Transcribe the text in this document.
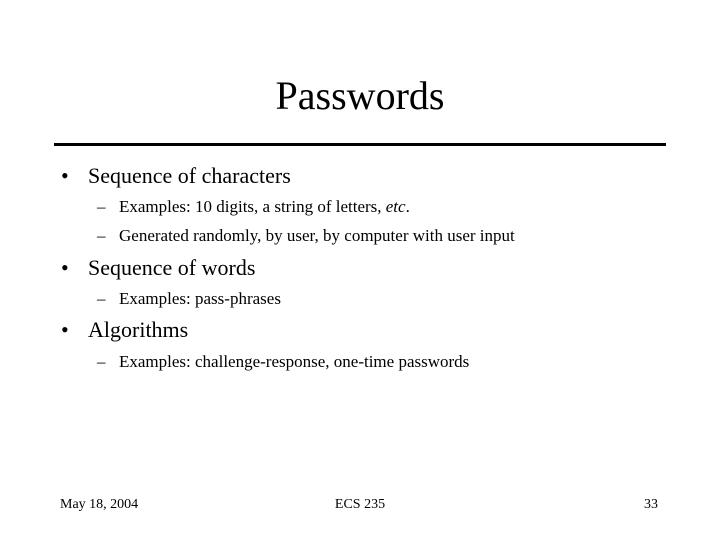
Passwords
• Sequence of characters
– Examples: 10 digits, a string of letters, etc.
– Generated randomly, by user, by computer with user input
• Sequence of words
– Examples: pass-phrases
• Algorithms
– Examples: challenge-response, one-time passwords
May 18, 2004	ECS 235	33
